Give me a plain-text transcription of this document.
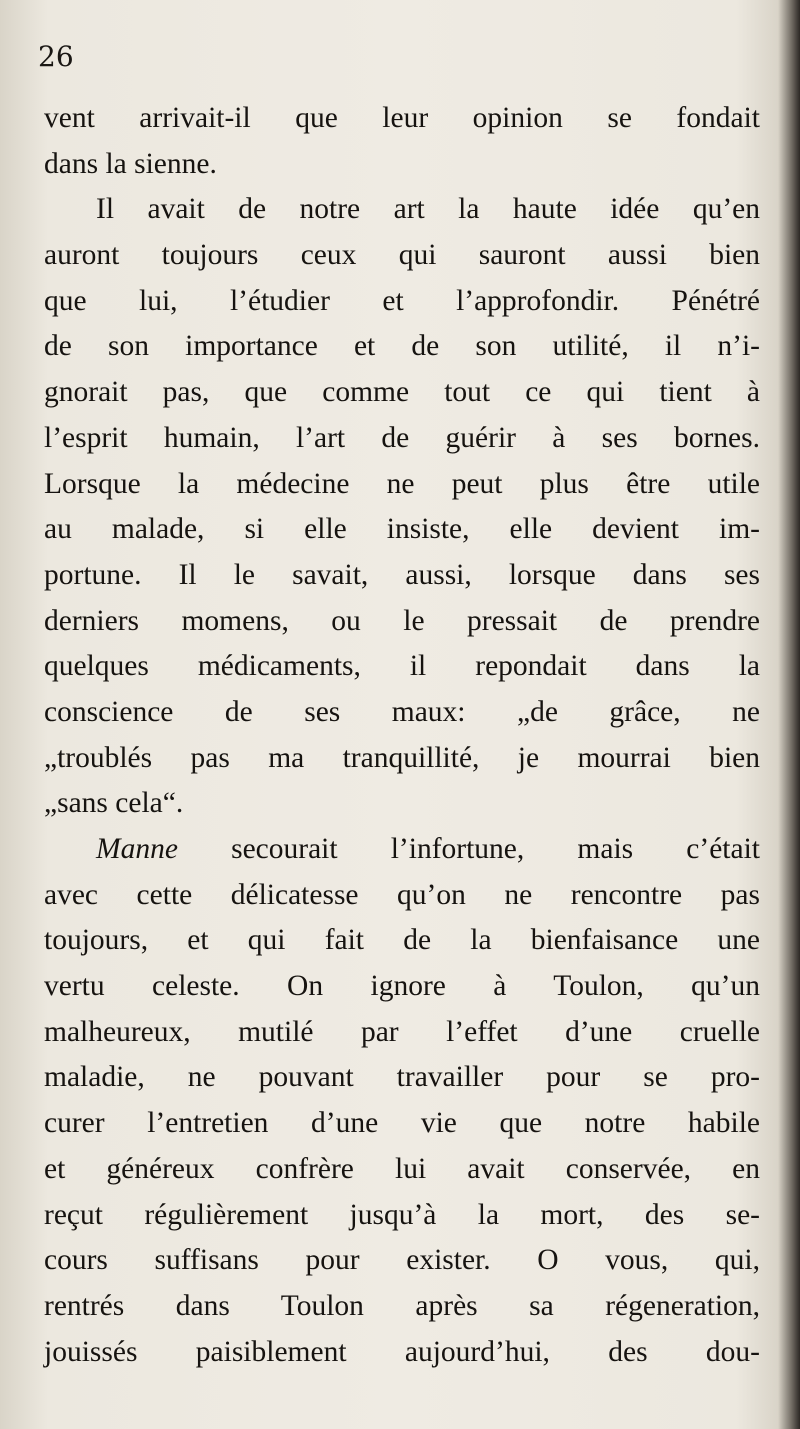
26
vent arrivait-il que leur opinion se fondait
dans la sienne.
Il avait de notre art la haute idée qu’en
auront toujours ceux qui sauront aussi bien
que lui, l’étudier et l’approfondir. Pénétré
de son importance et de son utilité, il n’i-
gnorait pas, que comme tout ce qui tient à
l’esprit humain, l’art de guérir à ses bornes.
Lorsque la médecine ne peut plus être utile
au malade, si elle insiste, elle devient im-
portune. Il le savait, aussi, lorsque dans ses
derniers momens, ou le pressait de prendre
quelques médicaments, il repondait dans la
conscience de ses maux: „de grâce, ne
„troublés pas ma tranquillité, je mourrai bien
„sans cela“.
Manne secourait l’infortune, mais c’était
avec cette délicatesse qu’on ne rencontre pas
toujours, et qui fait de la bienfaisance une
vertu celeste. On ignore à Toulon, qu’un
malheureux, mutilé par l’effet d’une cruelle
maladie, ne pouvant travailler pour se pro-
curer l’entretien d’une vie que notre habile
et généreux confrère lui avait conservée, en
reçut régulièrement jusqu’à la mort, des se-
cours suffisans pour exister. O vous, qui,
rentrés dans Toulon après sa régeneration,
jouissés paisiblement aujourd’hui, des dou-
